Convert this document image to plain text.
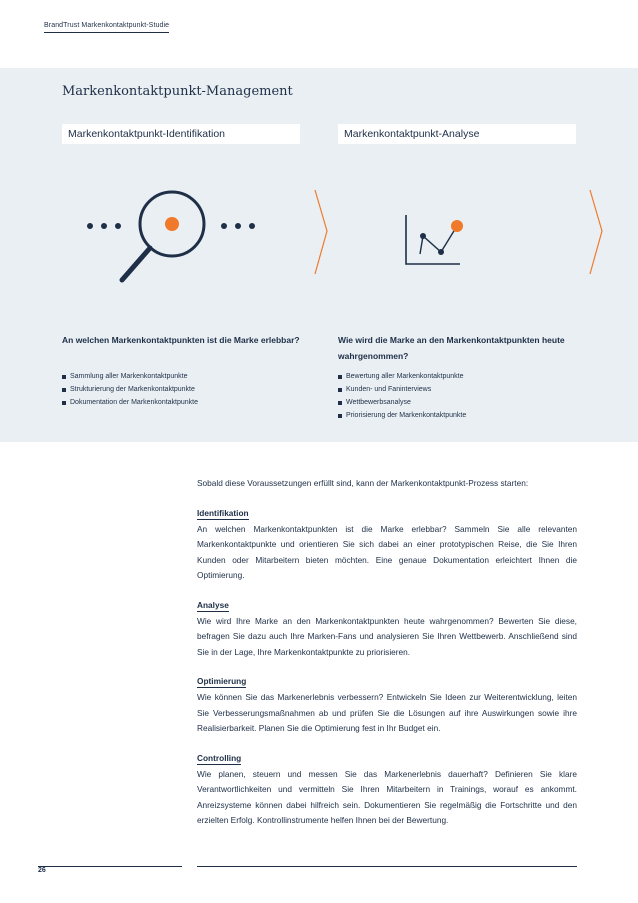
BrandTrust Markenkontaktpunkt-Studie
Markenkontaktpunkt-Management
Markenkontaktpunkt-Identifikation	Markenkontaktpunkt-Analyse
An welchen Markenkontaktpunkten ist die Marke erlebbar?	Wie wird die Marke an den Markenkontaktpunkten heute wahrgenommen?
Sammlung aller Markenkontaktpunkte
Strukturierung der Markenkontaktpunkte
Dokumentation der Markenkontaktpunkte
Bewertung aller Markenkontaktpunkte
Kunden- und Faninterviews
Wettbewerbsanalyse
Priorisierung der Markenkontaktpunkte

Sobald diese Voraussetzungen erfüllt sind, kann der Markenkontaktpunkt-Prozess starten:

Identifikation

An welchen Markenkontaktpunkten ist die Marke erlebbar? Sammeln Sie alle relevanten Markenkontaktpunkte und orientieren Sie sich dabei an einer prototypischen Reise, die Sie Ihren Kunden oder Mitarbeitern bieten möchten. Eine genaue Dokumentation erleichtert Ihnen die Optimierung.

Analyse

Wie wird Ihre Marke an den Markenkontaktpunkten heute wahrgenommen? Bewerten Sie diese, befragen Sie dazu auch Ihre Marken-Fans und analysieren Sie Ihren Wettbewerb. Anschließend sind Sie in der Lage, Ihre Markenkontaktpunkte zu priorisieren.

Optimierung

Wie können Sie das Markenerlebnis verbessern? Entwickeln Sie Ideen zur Weiterentwicklung, leiten Sie Verbesserungsmaßnahmen ab und prüfen Sie die Lösungen auf ihre Auswirkungen sowie ihre Realisierbarkeit. Planen Sie die Optimierung fest in Ihr Budget ein.

Controlling

Wie planen, steuern und messen Sie das Markenerlebnis dauerhaft? Definieren Sie klare Verantwortlichkeiten und vermitteln Sie Ihren Mitarbeitern in Trainings, worauf es ankommt. Anreizsysteme können dabei hilfreich sein. Dokumentieren Sie regelmäßig die Fortschritte und den erzielten Erfolg. Kontrollinstrumente helfen Ihnen bei der Bewertung.

26
